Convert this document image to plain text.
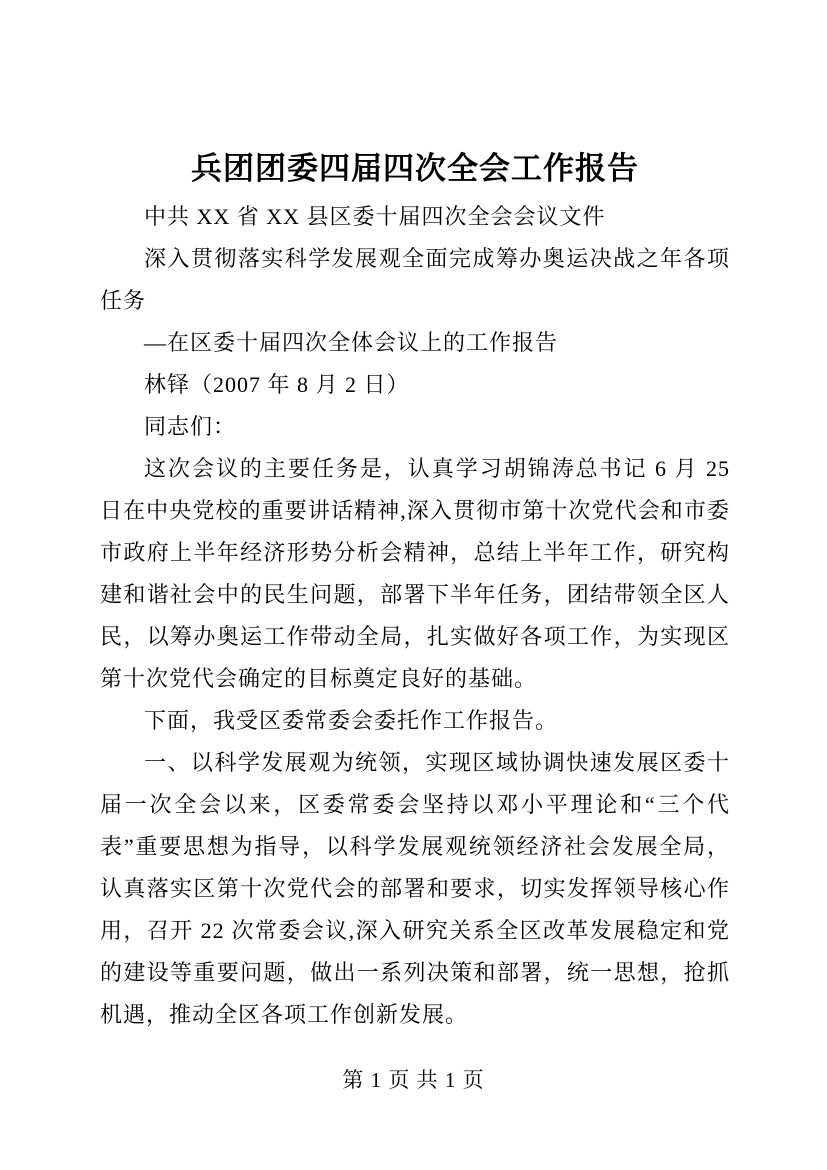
兵团团委四届四次全会工作报告

中共 XX 省 XX 县区委十届四次全会会议文件

深入贯彻落实科学发展观全面完成筹办奥运决战之年各项任务

—在区委十届四次全体会议上的工作报告

林铎（2007 年 8 月 2 日）

同志们：

这次会议的主要任务是，认真学习胡锦涛总书记 6 月 25 日在中央党校的重要讲话精神,深入贯彻市第十次党代会和市委市政府上半年经济形势分析会精神，总结上半年工作，研究构建和谐社会中的民生问题，部署下半年任务，团结带领全区人民，以筹办奥运工作带动全局，扎实做好各项工作，为实现区第十次党代会确定的目标奠定良好的基础。

下面，我受区委常委会委托作工作报告。

一、以科学发展观为统领，实现区域协调快速发展区委十届一次全会以来，区委常委会坚持以邓小平理论和“三个代表”重要思想为指导，以科学发展观统领经济社会发展全局，认真落实区第十次党代会的部署和要求，切实发挥领导核心作用，召开 22 次常委会议,深入研究关系全区改革发展稳定和党的建设等重要问题，做出一系列决策和部署，统一思想，抢抓机遇，推动全区各项工作创新发展。

第 1 页 共 1 页
